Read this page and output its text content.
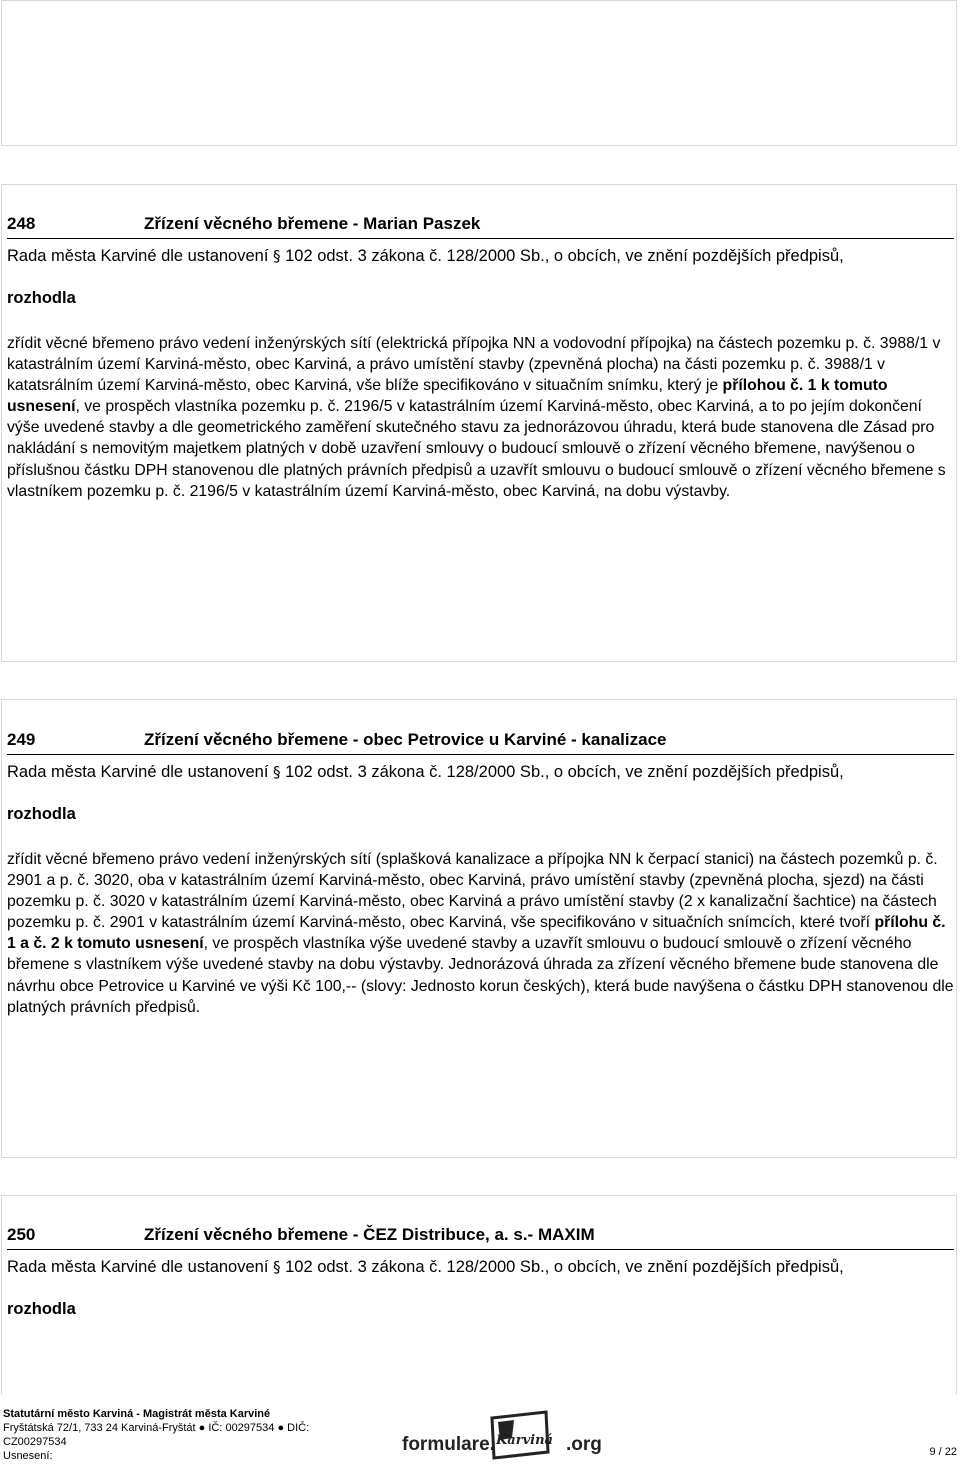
248	Zřízení věcného břemene - Marian Paszek
Rada města Karviné dle ustanovení § 102 odst. 3 zákona č. 128/2000 Sb., o obcích, ve znění pozdějších předpisů,
rozhodla
zřídit věcné břemeno právo vedení inženýrských sítí (elektrická přípojka NN a vodovodní přípojka) na částech pozemku p. č. 3988/1 v katastrálním území Karviná-město, obec Karviná, a právo umístění stavby (zpevněná plocha) na části pozemku p. č. 3988/1 v katatsrálním území Karviná-město, obec Karviná, vše blíže specifikováno v situačním snímku, který je přílohou č. 1 k tomuto usnesení, ve prospěch vlastníka pozemku p. č. 2196/5 v katastrálním území Karviná-město, obec Karviná, a to po jejím dokončení výše uvedené stavby a dle geometrického zaměření skutečného stavu za jednorázovou úhradu, která bude stanovena dle Zásad pro nakládání s nemovitým majetkem platných v době uzavření smlouvy o budoucí smlouvě o zřízení věcného břemene, navýšenou o příslušnou částku DPH stanovenou dle platných právních předpisů a uzavřít smlouvu o budoucí smlouvě o zřízení věcného břemene s vlastníkem pozemku p. č. 2196/5 v katastrálním území Karviná-město, obec Karviná, na dobu výstavby.
249	Zřízení věcného břemene - obec Petrovice u Karviné - kanalizace
Rada města Karviné dle ustanovení § 102 odst. 3 zákona č. 128/2000 Sb., o obcích, ve znění pozdějších předpisů,
rozhodla
zřídit věcné břemeno právo vedení inženýrských sítí (splašková kanalizace a přípojka NN k čerpací stanici) na částech pozemků p. č. 2901 a p. č. 3020, oba v katastrálním území Karviná-město, obec Karviná, právo umístění stavby (zpevněná plocha, sjezd) na části pozemku p. č. 3020 v katastrálním území Karviná-město, obec Karviná a právo umístění stavby (2 x kanalizační šachtice) na částech pozemku p. č. 2901 v katastrálním území Karviná-město, obec Karviná, vše specifikováno v situačních snímcích, které tvoří přílohu č. 1 a č. 2 k tomuto usnesení, ve prospěch vlastníka výše uvedené stavby a uzavřít smlouvu o budoucí smlouvě o zřízení věcného břemene s vlastníkem výše uvedené stavby na dobu výstavby. Jednorázová úhrada za zřízení věcného břemene bude stanovena dle návrhu obce Petrovice u Karviné ve výši Kč 100,-- (slovy: Jednosto korun českých), která bude navýšena o částku DPH stanovenou dle platných právních předpisů.
250	Zřízení věcného břemene - ČEZ Distribuce, a. s.- MAXIM
Rada města Karviné dle ustanovení § 102 odst. 3 zákona č. 128/2000 Sb., o obcích, ve znění pozdějších předpisů,
rozhodla
Statutární město Karviná - Magistrát města Karviné
Fryštátská 72/1, 733 24 Karviná-Fryštát ● IČ: 00297534 ● DIČ:
CZ00297534
Usnesení:
formulare. Karviná .org	9 / 22
